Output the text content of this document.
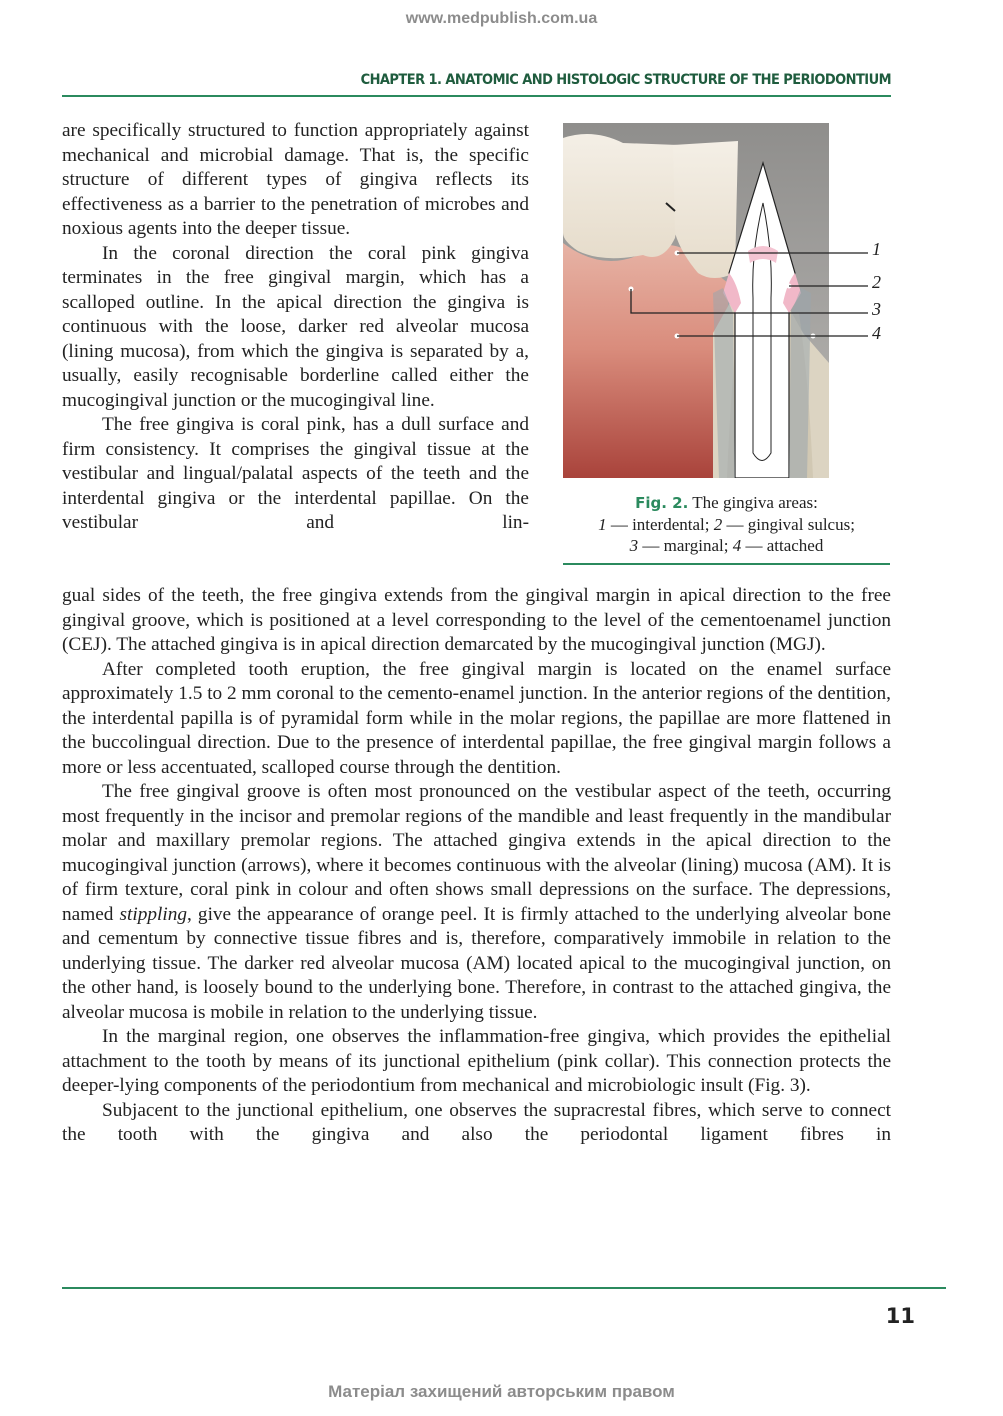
www.medpublish.com.ua
CHAPTER 1. ANATOMIC AND HISTOLOGIC STRUCTURE OF THE PERIODONTIUM

are specifically structured to function appropriately against mechanical and microbial damage. That is, the specific structure of different types of gingiva reflects its effectiveness as a barrier to the penetration of microbes and noxious agents into the deeper tissue.

In the coronal direction the coral pink gingiva terminates in the free gingival margin, which has a scalloped outline. In the apical direction the gingiva is continuous with the loose, darker red alveolar mucosa (lining mucosa), from which the gingiva is separated by a, usually, easily recognisable borderline called either the mucogingival junction or the mucogingival line.

The free gingiva is coral pink, has a dull surface and firm consistency. It comprises the gingival tissue at the vestibular and lingual/palatal aspects of the teeth and the interdental gingiva or the interdental papillae. On the vestibular and lin-

1
2
3
4
Fig. 2. The gingiva areas:
1 — interdental; 2 — gingival sulcus;
3 — marginal; 4 — attached

gual sides of the teeth, the free gingiva extends from the gingival margin in apical direction to the free gingival groove, which is positioned at a level corresponding to the level of the cementoenamel junction (CEJ). The attached gingiva is in apical direction demarcated by the mucogingival junction (MGJ).

After completed tooth eruption, the free gingival margin is located on the enamel surface approximately 1.5 to 2 mm coronal to the cemento-enamel junction. In the anterior regions of the dentition, the interdental papilla is of pyramidal form while in the molar regions, the papillae are more flattened in the buccolingual direction. Due to the presence of interdental papillae, the free gingival margin follows a more or less accentuated, scalloped course through the dentition.

The free gingival groove is often most pronounced on the vestibular aspect of the teeth, occurring most frequently in the incisor and premolar regions of the mandible and least frequently in the mandibular molar and maxillary premolar regions. The attached gingiva extends in the apical direction to the mucogingival junction (arrows), where it becomes continuous with the alveolar (lining) mucosa (AM). It is of firm texture, coral pink in colour and often shows small depressions on the surface. The depressions, named stippling, give the appearance of orange peel. It is firmly attached to the underlying alveolar bone and cementum by connective tissue fibres and is, therefore, comparatively immobile in relation to the underlying tissue. The darker red alveolar mucosa (AM) located apical to the mucogingival junction, on the other hand, is loosely bound to the underlying bone. Therefore, in contrast to the attached gingiva, the alveolar mucosa is mobile in relation to the underlying tissue.

In the marginal region, one observes the inflammation-free gingiva, which provides the epithelial attachment to the tooth by means of its junctional epithelium (pink collar). This connection protects the deeper-lying components of the periodontium from mechanical and microbiologic insult (Fig. 3).

Subjacent to the junctional epithelium, one observes the supracrestal fibres, which serve to connect the tooth with the gingiva and also the periodontal ligament fibres in

11
Матеріал захищений авторським правом
